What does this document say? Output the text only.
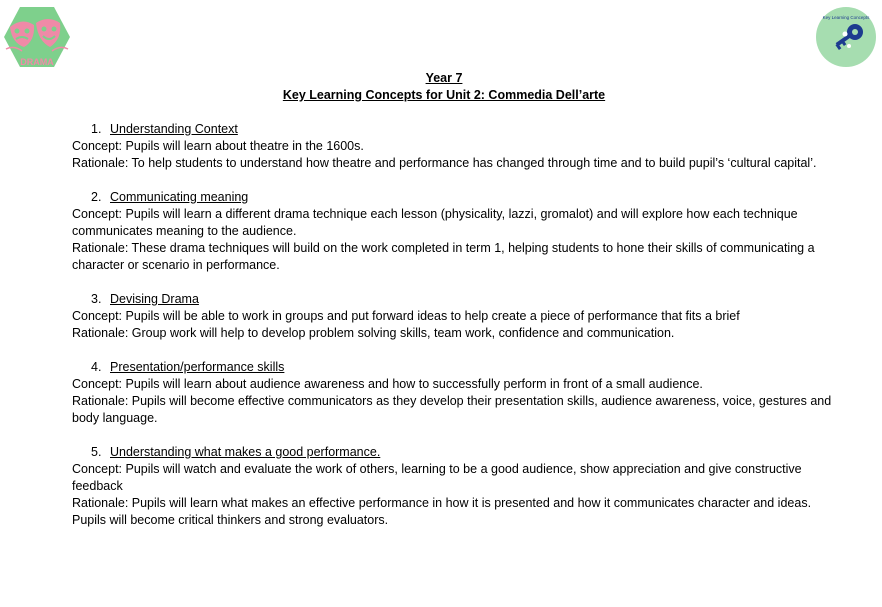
DRAMA
Key Learning Concepts

Year 7

Key Learning Concepts for Unit 2: Commedia Dell’arte

1. Understanding Context

Concept: Pupils will learn about theatre in the 1600s.

Rationale: To help students to understand how theatre and performance has changed through time and to build pupil’s ‘cultural capital’.

2. Communicating meaning

Concept: Pupils will learn a different drama technique each lesson (physicality, lazzi, gromalot) and will explore how each technique communicates meaning to the audience.

Rationale: These drama techniques will build on the work completed in term 1, helping students to hone their skills of communicating a character or scenario in performance.

3. Devising Drama

Concept: Pupils will be able to work in groups and put forward ideas to help create a piece of performance that fits a brief

Rationale: Group work will help to develop problem solving skills, team work, confidence and communication.

4. Presentation/performance skills

Concept: Pupils will learn about audience awareness and how to successfully perform in front of a small audience.

Rationale: Pupils will become effective communicators as they develop their presentation skills, audience awareness, voice, gestures and body language.

5. Understanding what makes a good performance.

Concept: Pupils will watch and evaluate the work of others, learning to be a good audience, show appreciation and give constructive feedback

Rationale: Pupils will learn what makes an effective performance in how it is presented and how it communicates character and ideas. Pupils will become critical thinkers and strong evaluators.
